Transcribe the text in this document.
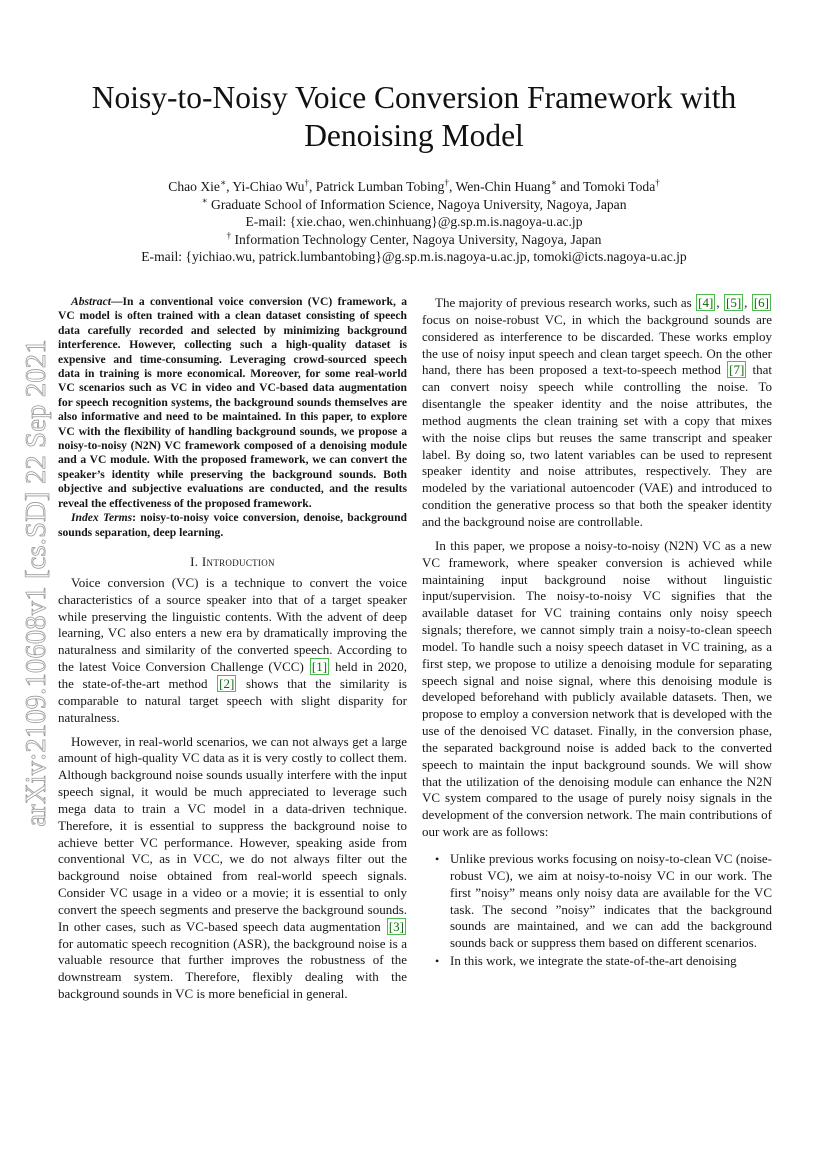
arXiv:2109.10608v1 [cs.SD] 22 Sep 2021
Noisy-to-Noisy Voice Conversion Framework with
Denoising Model
Chao Xie∗, Yi-Chiao Wu†, Patrick Lumban Tobing†, Wen-Chin Huang∗ and Tomoki Toda†
∗ Graduate School of Information Science, Nagoya University, Nagoya, Japan
E-mail: {xie.chao, wen.chinhuang}@g.sp.m.is.nagoya-u.ac.jp
† Information Technology Center, Nagoya University, Nagoya, Japan
E-mail: {yichiao.wu, patrick.lumbantobing}@g.sp.m.is.nagoya-u.ac.jp, tomoki@icts.nagoya-u.ac.jp

Abstract—In a conventional voice conversion (VC) framework, a VC model is often trained with a clean dataset consisting of speech data carefully recorded and selected by minimizing background interference. However, collecting such a high-quality dataset is expensive and time-consuming. Leveraging crowd-sourced speech data in training is more economical. Moreover, for some real-world VC scenarios such as VC in video and VC-based data augmentation for speech recognition systems, the background sounds themselves are also informative and need to be maintained. In this paper, to explore VC with the flexibility of handling background sounds, we propose a noisy-to-noisy (N2N) VC framework composed of a denoising module and a VC module. With the proposed framework, we can convert the speaker’s identity while preserving the background sounds. Both objective and subjective evaluations are conducted, and the results reveal the effectiveness of the proposed framework.

Index Terms: noisy-to-noisy voice conversion, denoise, background sounds separation, deep learning.

I. Introduction

Voice conversion (VC) is a technique to convert the voice characteristics of a source speaker into that of a target speaker while preserving the linguistic contents. With the advent of deep learning, VC also enters a new era by dramatically improving the naturalness and similarity of the converted speech. According to the latest Voice Conversion Challenge (VCC) [1] held in 2020, the state-of-the-art method [2] shows that the similarity is comparable to natural target speech with slight disparity for naturalness.

However, in real-world scenarios, we can not always get a large amount of high-quality VC data as it is very costly to collect them. Although background noise sounds usually interfere with the input speech signal, it would be much appreciated to leverage such mega data to train a VC model in a data-driven technique. Therefore, it is essential to suppress the background noise to achieve better VC performance. However, speaking aside from conventional VC, as in VCC, we do not always filter out the background noise obtained from real-world speech signals. Consider VC usage in a video or a movie; it is essential to only convert the speech segments and preserve the background sounds. In other cases, such as VC-based speech data augmentation [3] for automatic speech recognition (ASR), the background noise is a valuable resource that further improves the robustness of the downstream system. Therefore, flexibly dealing with the background sounds in VC is more beneficial in general.

The majority of previous research works, such as [4] , [5] , [6] focus on noise-robust VC, in which the background sounds are considered as interference to be discarded. These works employ the use of noisy input speech and clean target speech. On the other hand, there has been proposed a text-to-speech method [7] that can convert noisy speech while controlling the noise. To disentangle the speaker identity and the noise attributes, the method augments the clean training set with a copy that mixes with the noise clips but reuses the same transcript and speaker label. By doing so, two latent variables can be used to represent speaker identity and noise attributes, respectively. They are modeled by the variational autoencoder (VAE) and introduced to condition the generative process so that both the speaker identity and the background noise are controllable.

In this paper, we propose a noisy-to-noisy (N2N) VC as a new VC framework, where speaker conversion is achieved while maintaining input background noise without linguistic input/supervision. The noisy-to-noisy VC signifies that the available dataset for VC training contains only noisy speech signals; therefore, we cannot simply train a noisy-to-clean speech model. To handle such a noisy speech dataset in VC training, as a first step, we propose to utilize a denoising module for separating speech signal and noise signal, where this denoising module is developed beforehand with publicly available datasets. Then, we propose to employ a conversion network that is developed with the use of the denoised VC dataset. Finally, in the conversion phase, the separated background noise is added back to the converted speech to maintain the input background sounds. We will show that the utilization of the denoising module can enhance the N2N VC system compared to the usage of purely noisy signals in the development of the conversion network. The main contributions of our work are as follows:

• Unlike previous works focusing on noisy-to-clean VC (noise-robust VC), we aim at noisy-to-noisy VC in our work. The first ”noisy” means only noisy data are available for the VC task. The second ”noisy” indicates that the background sounds are maintained, and we can add the background sounds back or suppress them based on different scenarios.
• In this work, we integrate the state-of-the-art denoising
